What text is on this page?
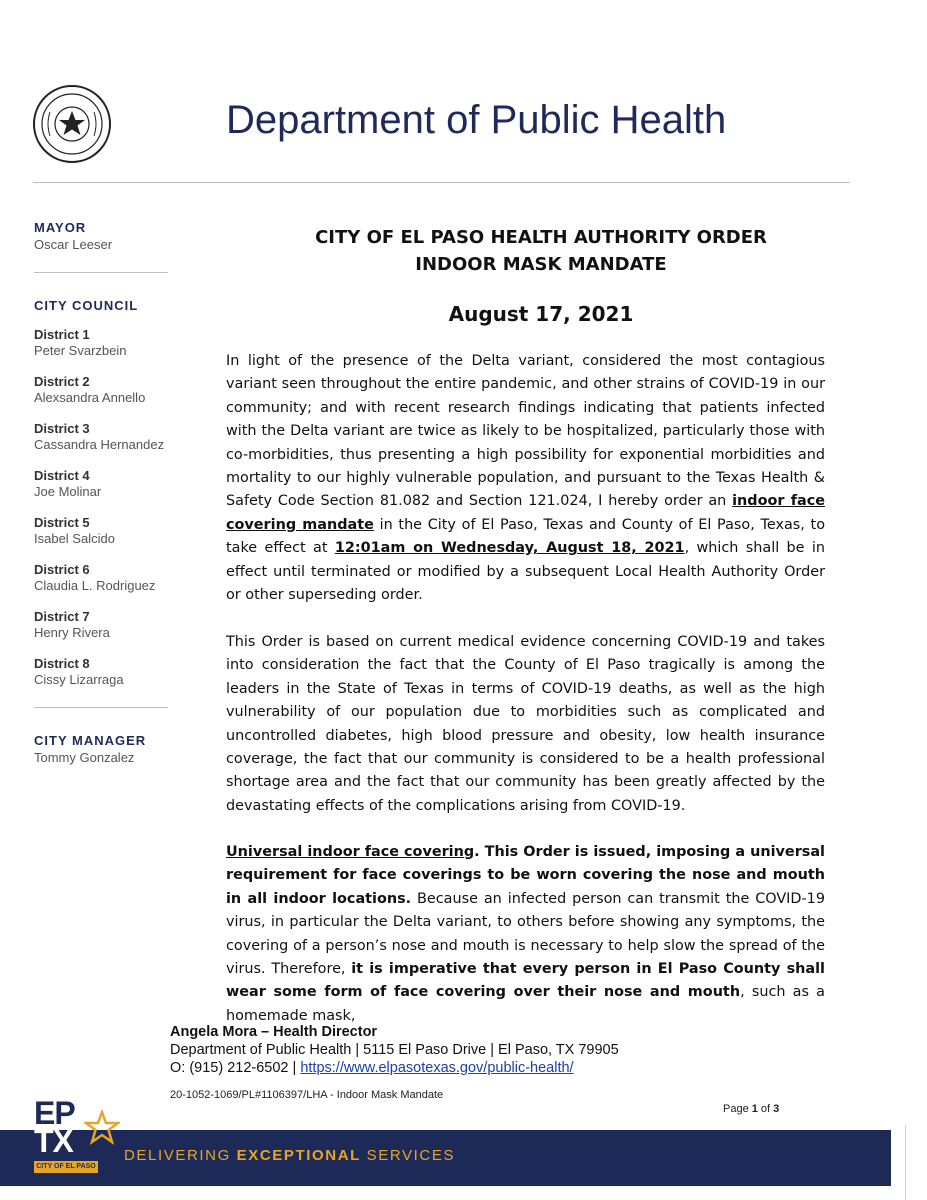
Department of Public Health
MAYOR
Oscar Leeser
CITY COUNCIL
District 1
Peter Svarzbein
District 2
Alexsandra Annello
District 3
Cassandra Hernandez
District 4
Joe Molinar
District 5
Isabel Salcido
District 6
Claudia L. Rodriguez
District 7
Henry Rivera
District 8
Cissy Lizarraga
CITY MANAGER
Tommy Gonzalez
CITY OF EL PASO HEALTH AUTHORITY ORDER
INDOOR MASK MANDATE
August 17, 2021

In light of the presence of the Delta variant, considered the most contagious variant seen throughout the entire pandemic, and other strains of COVID-19 in our community; and with recent research findings indicating that patients infected with the Delta variant are twice as likely to be hospitalized, particularly those with co-morbidities, thus presenting a high possibility for exponential morbidities and mortality to our highly vulnerable population, and pursuant to the Texas Health & Safety Code Section 81.082 and Section 121.024, I hereby order an indoor face covering mandate in the City of El Paso, Texas and County of El Paso, Texas, to take effect at 12:01am on Wednesday, August 18, 2021, which shall be in effect until terminated or modified by a subsequent Local Health Authority Order or other superseding order.

This Order is based on current medical evidence concerning COVID-19 and takes into consideration the fact that the County of El Paso tragically is among the leaders in the State of Texas in terms of COVID-19 deaths, as well as the high vulnerability of our population due to morbidities such as complicated and uncontrolled diabetes, high blood pressure and obesity, low health insurance coverage, the fact that our community is considered to be a health professional shortage area and the fact that our community has been greatly affected by the devastating effects of the complications arising from COVID-19.

Universal indoor face covering. This Order is issued, imposing a universal requirement for face coverings to be worn covering the nose and mouth in all indoor locations. Because an infected person can transmit the COVID-19 virus, in particular the Delta variant, to others before showing any symptoms, the covering of a person’s nose and mouth is necessary to help slow the spread of the virus. Therefore, it is imperative that every person in El Paso County shall wear some form of face covering over their nose and mouth, such as a homemade mask,

Angela Mora – Health Director
Department of Public Health | 5115 El Paso Drive | El Paso, TX 79905
O: (915) 212-6502 | https://www.elpasotexas.gov/public-health/
20-1052-1069/PL#1106397/LHA - Indoor Mask Mandate
Page 1 of 3
DELIVERING EXCEPTIONAL SERVICES
EP
TX
CITY OF EL PASO
